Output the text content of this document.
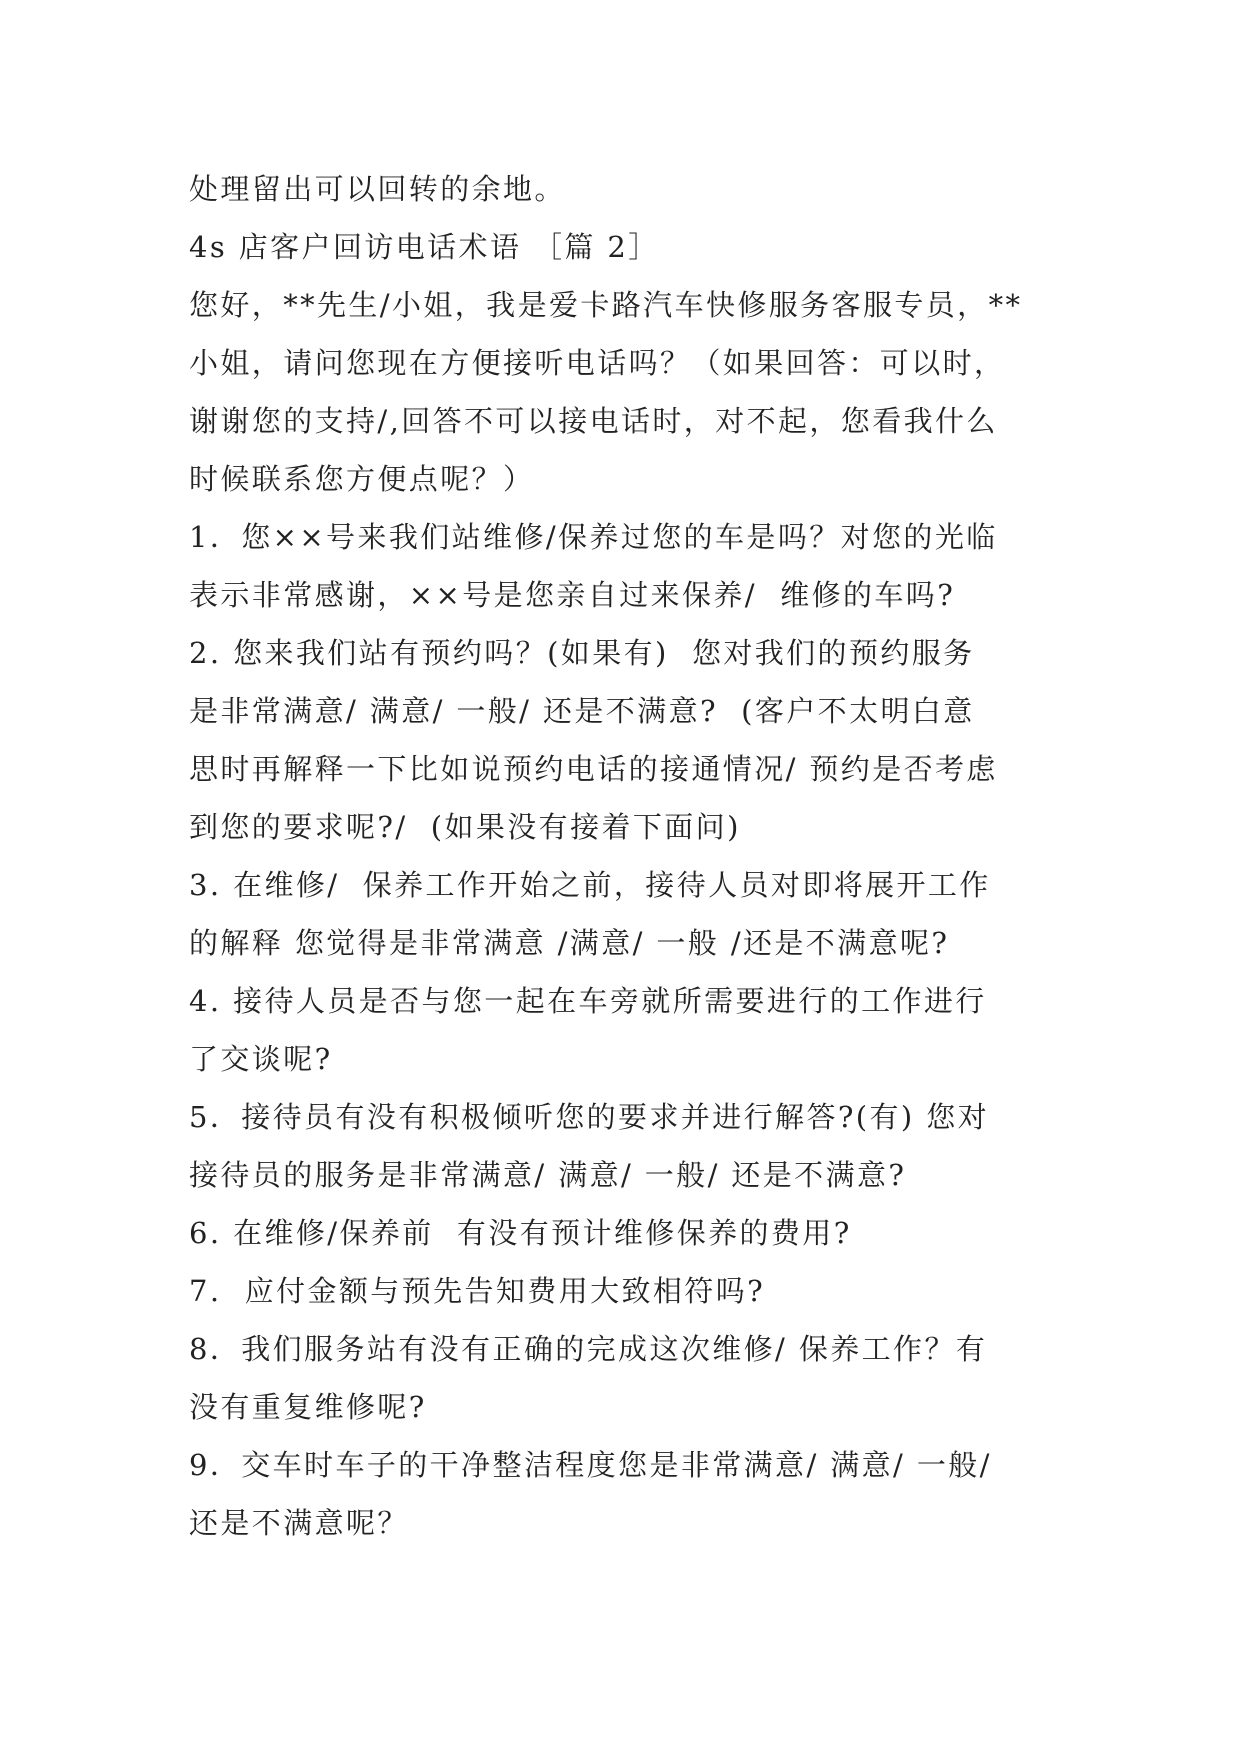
处理留出可以回转的余地。
4s 店客户回访电话术语 ［篇 2］
您好，**先生/小姐，我是爱卡路汽车快修服务客服专员，**
小姐，请问您现在方便接听电话吗？（如果回答：可以时，
谢谢您的支持/,回答不可以接电话时，对不起，您看我什么
时候联系您方便点呢？）
1．您××号来我们站维修/保养过您的车是吗？对您的光临
表示非常感谢，××号是您亲自过来保养/  维修的车吗?
2. 您来我们站有预约吗？(如果有)  您对我们的预约服务
是非常满意/ 满意/ 一般/ 还是不满意?  (客户不太明白意
思时再解释一下比如说预约电话的接通情况/ 预约是否考虑
到您的要求呢?/  (如果没有接着下面问)
3. 在维修/  保养工作开始之前，接待人员对即将展开工作
的解释 您觉得是非常满意 /满意/ 一般 /还是不满意呢?
4. 接待人员是否与您一起在车旁就所需要进行的工作进行
了交谈呢?
5．接待员有没有积极倾听您的要求并进行解答?(有) 您对
接待员的服务是非常满意/ 满意/ 一般/ 还是不满意?
6. 在维修/保养前  有没有预计维修保养的费用?
7.  应付金额与预先告知费用大致相符吗?
8．我们服务站有没有正确的完成这次维修/ 保养工作？有
没有重复维修呢?
9．交车时车子的干净整洁程度您是非常满意/ 满意/ 一般/
还是不满意呢？
